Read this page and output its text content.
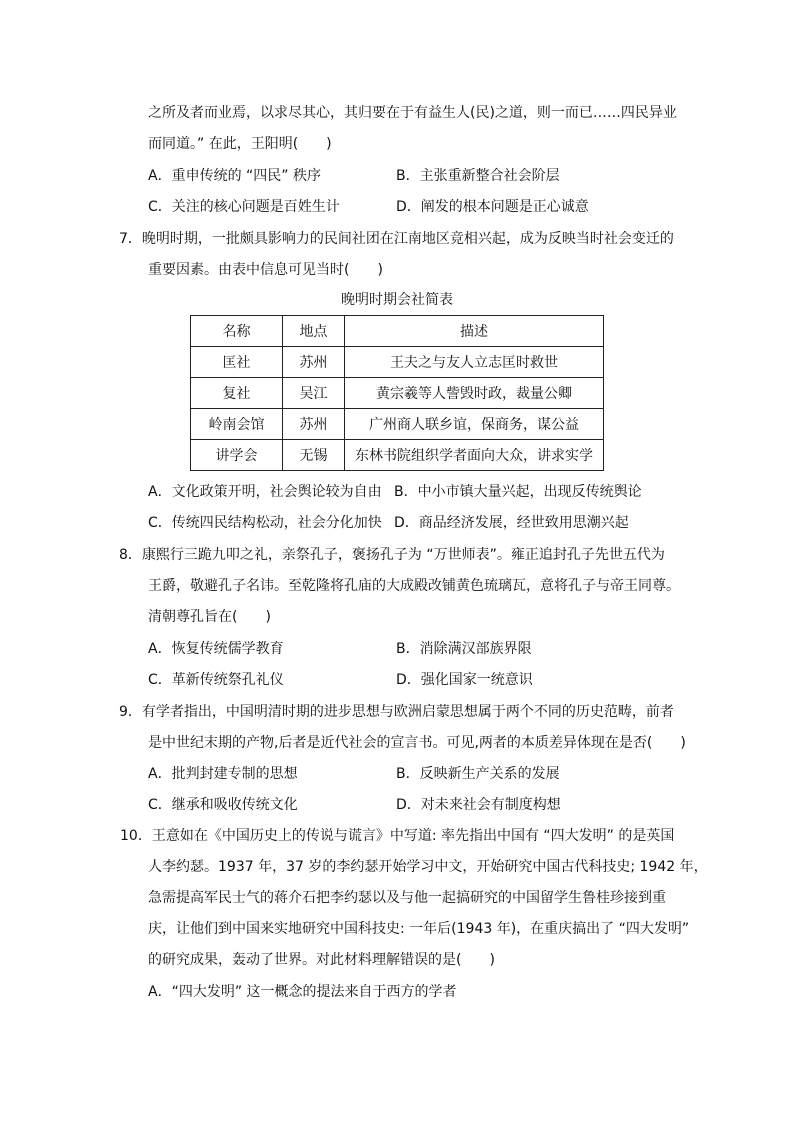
之所及者而业焉，以求尽其心，其归要在于有益生人(民)之道，则一而已……四民异业
而同道。” 在此，王阳明(　　)
A．重申传统的 “四民” 秩序	B．主张重新整合社会阶层
C．关注的核心问题是百姓生计	D．阐发的根本问题是正心诚意
7．晚明时期，一批颇具影响力的民间社团在江南地区竞相兴起，成为反映当时社会变迁的
重要因素。由表中信息可见当时(　　)
晚明时期会社简表
名称	地点	描述
匡社	苏州	王夫之与友人立志匡时救世
复社	吴江	黄宗羲等人訾毁时政，裁量公卿
岭南会馆	苏州	广州商人联乡谊，保商务，谋公益
讲学会	无锡	东林书院组织学者面向大众，讲求实学
A．文化政策开明，社会舆论较为自由 B．中小市镇大量兴起，出现反传统舆论
C．传统四民结构松动，社会分化加快 D．商品经济发展，经世致用思潮兴起
8．康熙行三跪九叩之礼，亲祭孔子，褒扬孔子为 “万世师表”。雍正追封孔子先世五代为
王爵，敬避孔子名讳。至乾隆将孔庙的大成殿改铺黄色琉璃瓦，意将孔子与帝王同尊。
清朝尊孔旨在(　　)
A．恢复传统儒学教育	B．消除满汉部族界限
C．革新传统祭孔礼仪	D．强化国家一统意识
9．有学者指出，中国明清时期的进步思想与欧洲启蒙思想属于两个不同的历史范畴，前者
是中世纪末期的产物,后者是近代社会的宣言书。可见,两者的本质差异体现在是否(　　)
A．批判封建专制的思想	B．反映新生产关系的发展
C．继承和吸收传统文化	D．对未来社会有制度构想
10．王意如在《中国历史上的传说与谎言》中写道: 率先指出中国有 “四大发明” 的是英国
人李约瑟。1937 年，37 岁的李约瑟开始学习中文，开始研究中国古代科技史; 1942 年，
急需提高军民士气的蒋介石把李约瑟以及与他一起搞研究的中国留学生鲁桂珍接到重
庆，让他们到中国来实地研究中国科技史: 一年后(1943 年)，在重庆搞出了 “四大发明”
的研究成果，轰动了世界。对此材料理解错误的是(　　)
A．“四大发明” 这一概念的提法来自于西方的学者
